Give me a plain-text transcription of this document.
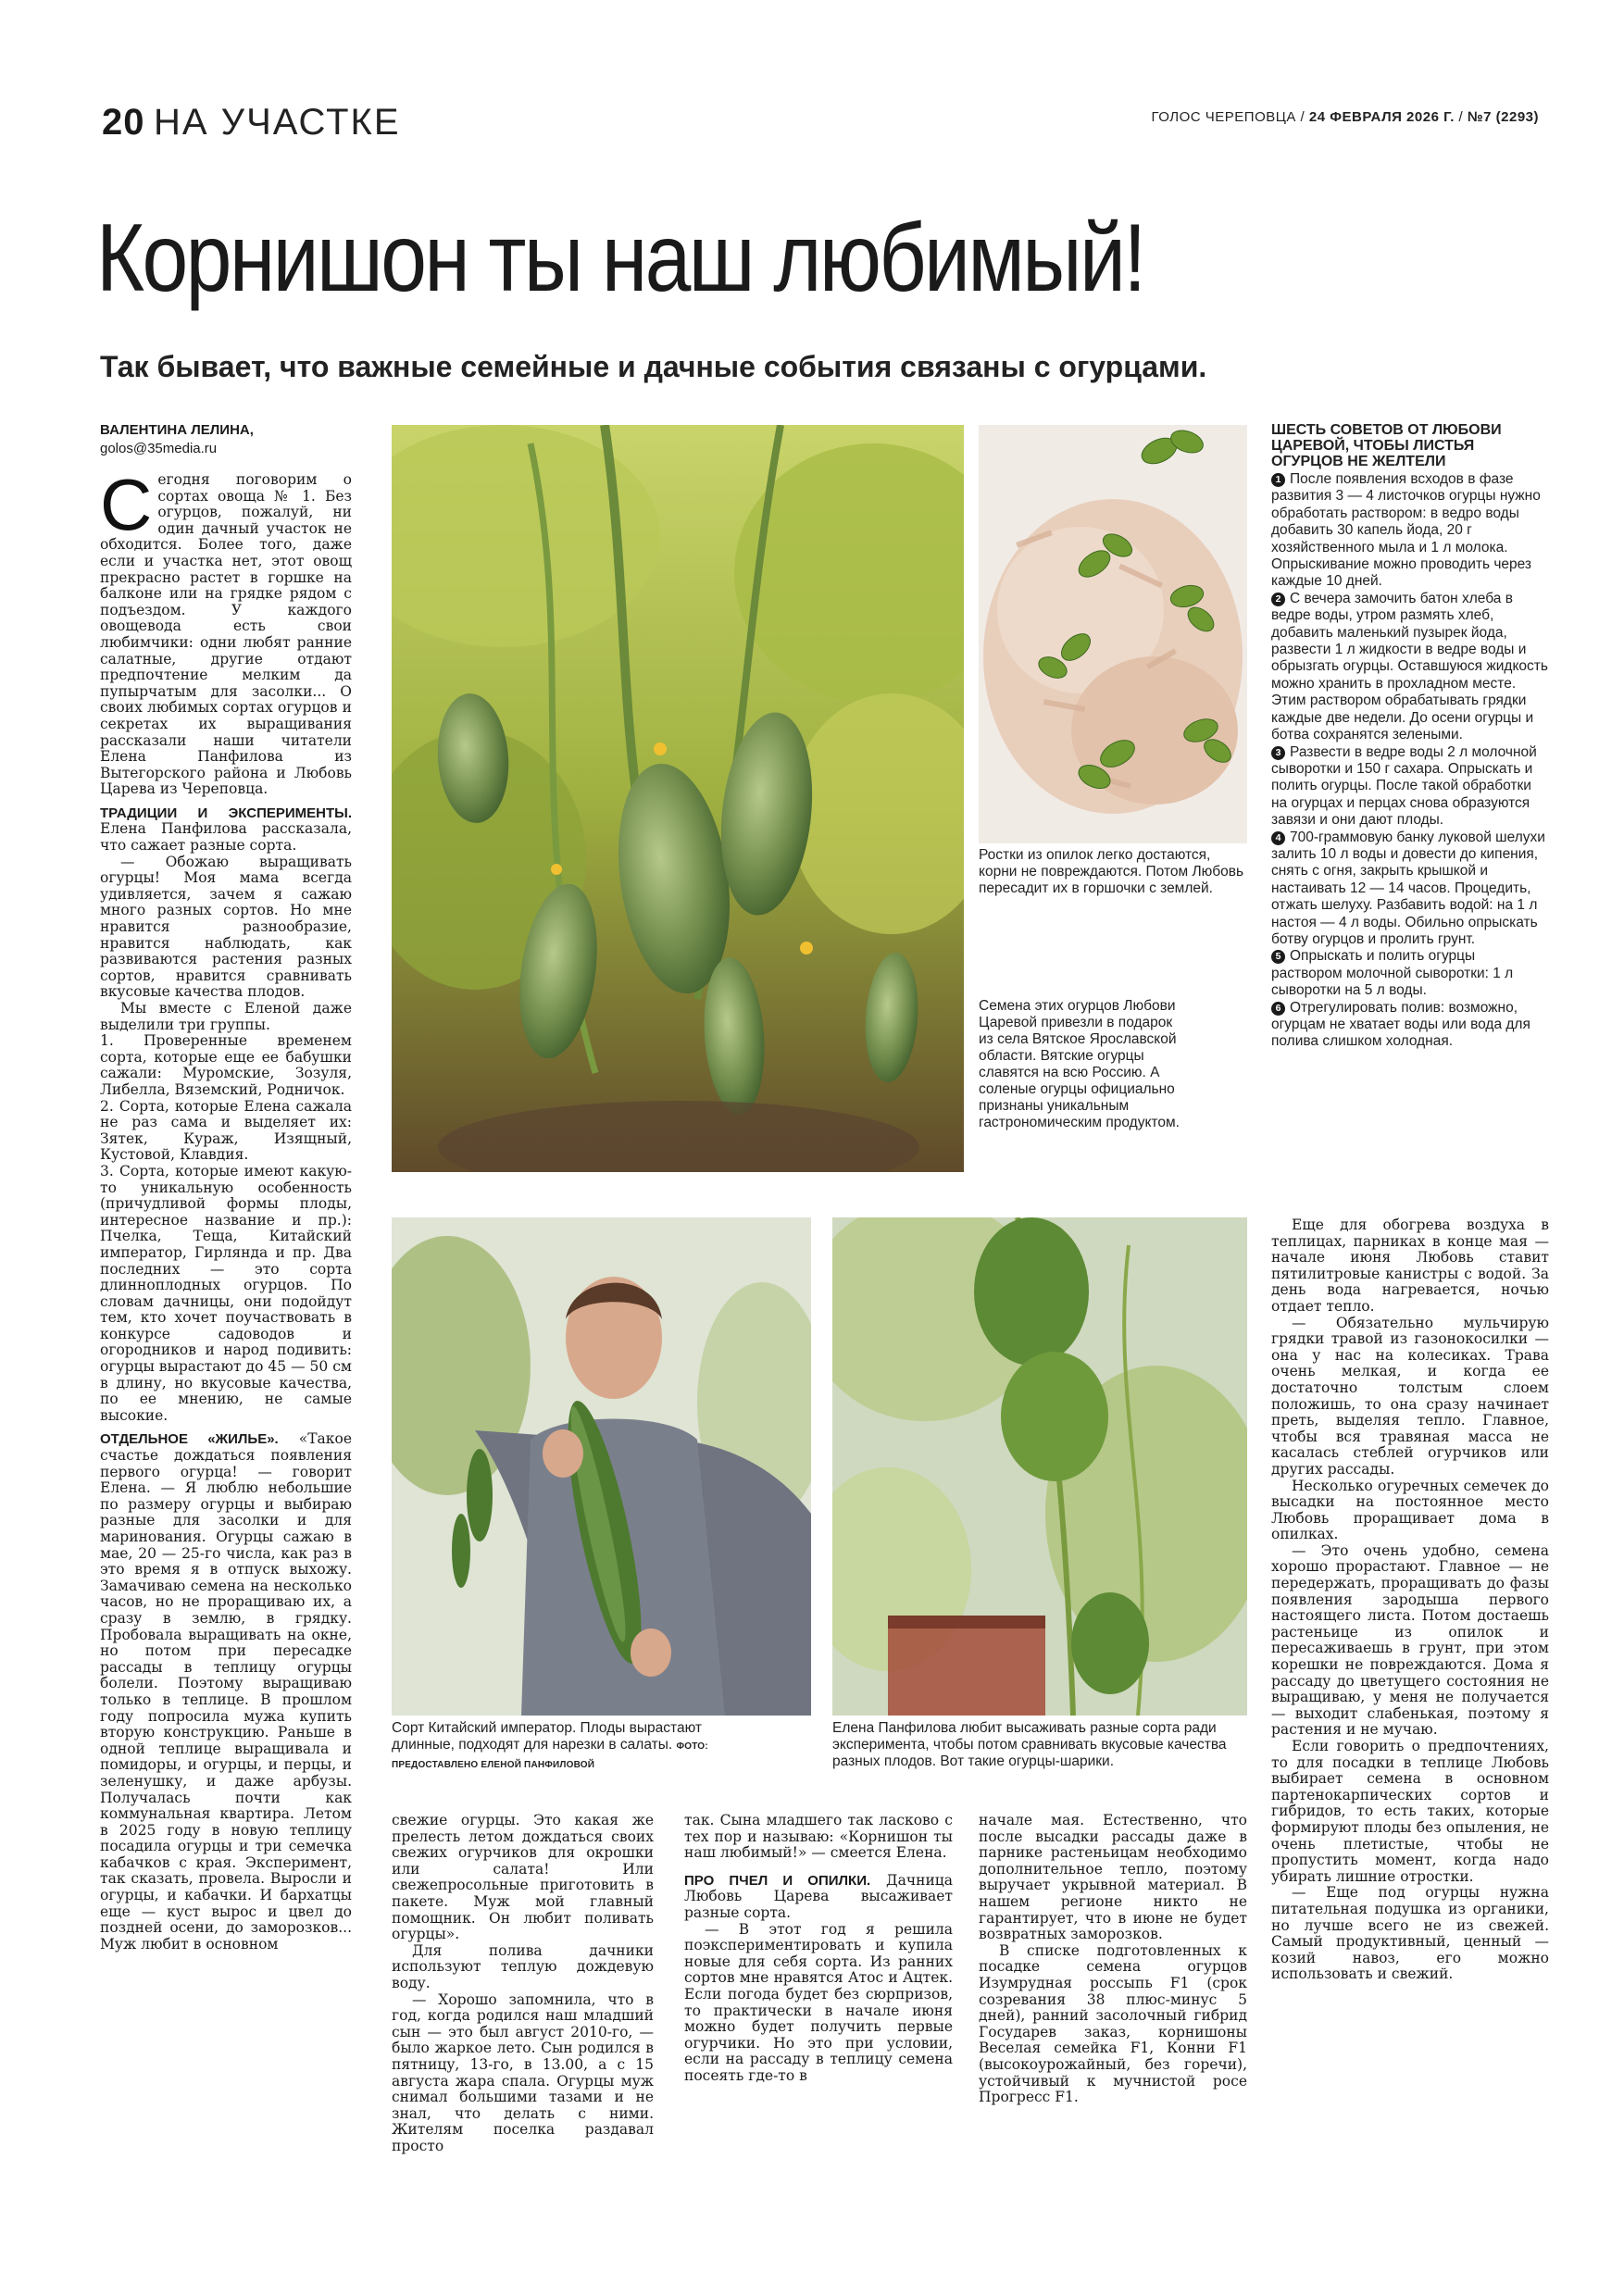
20 НА УЧАСТКЕ	ГОЛОС ЧЕРЕПОВЦА / 24 ФЕВРАЛЯ 2026 Г. / №7 (2293)
Корнишон ты наш любимый!
Так бывает, что важные семейные и дачные события связаны с огурцами.
ВАЛЕНТИНА ЛЕЛИНА,
golos@35media.ru

Сегодня поговорим о сортах овоща № 1. Без огурцов, пожалуй, ни один дачный участок не обходится. Более того, даже если и участка нет, этот овощ прекрасно растет в горшке на балконе или на грядке рядом с подъездом. У каждого овощевода есть свои любимчики: одни любят ранние салатные, другие отдают предпочтение мелким да пупырчатым для засолки... О своих любимых сортах огурцов и секретах их выращивания рассказали наши читатели Елена Панфилова из Вытегорского района и Любовь Царева из Череповца.

ТРАДИЦИИ И ЭКСПЕРИМЕНТЫ. Елена Панфилова рассказала, что сажает разные сорта.

— Обожаю выращивать огурцы! Моя мама всегда удивляется, зачем я сажаю много разных сортов. Но мне нравится разнообразие, нравится наблюдать, как развиваются растения разных сортов, нравится сравнивать вкусовые качества плодов.

Мы вместе с Еленой даже выделили три группы.

1. Проверенные временем сорта, которые еще ее бабушки сажали: Муромские, Зозуля, Либелла, Вяземский, Родничок.

2. Сорта, которые Елена сажала не раз сама и выделяет их: Зятек, Кураж, Изящный, Кустовой, Клавдия.

3. Сорта, которые имеют какую-то уникальную особенность (причудливой формы плоды, интересное название и пр.): Пчелка, Теща, Китайский император, Гирлянда и пр. Два последних — это сорта длинноплодных огурцов. По словам дачницы, они подойдут тем, кто хочет поучаствовать в конкурсе садоводов и огородников и народ подивить: огурцы вырастают до 45 — 50 см в длину, но вкусовые качества, по ее мнению, не самые высокие.

ОТДЕЛЬНОЕ «ЖИЛЬЕ». «Такое счастье дождаться появления первого огурца! — говорит Елена. — Я люблю небольшие по размеру огурцы и выбираю разные для засолки и для маринования. Огурцы сажаю в мае, 20 — 25-го числа, как раз в это время я в отпуск выхожу. Замачиваю семена на несколько часов, но не проращиваю их, а сразу в землю, в грядку. Пробовала выращивать на окне, но потом при пересадке рассады в теплицу огурцы болели. Поэтому выращиваю только в теплице. В прошлом году попросила мужа купить вторую конструкцию. Раньше в одной теплице выращивала и помидоры, и огурцы, и перцы, и зеленушку, и даже арбузы. Получалась почти как коммунальная квартира. Летом в 2025 году в новую теплицу посадила огурцы и три семечка кабачков с края. Эксперимент, так сказать, провела. Выросли и огурцы, и кабачки. И бархатцы еще — куст вырос и цвел до поздней осени, до заморозков... Муж любит в основном

Ростки из опилок легко достаются, корни не повреждаются. Потом Любовь пересадит их в горшочки с землей.
Семена этих огурцов Любови Царевой привезли в подарок из села Вятское Ярославской области. Вятские огурцы славятся на всю Россию. А соленые огурцы официально признаны уникальным гастрономическим продуктом.
ШЕСТЬ СОВЕТОВ ОТ ЛЮБОВИ ЦАРЕВОЙ, ЧТОБЫ ЛИСТЬЯ ОГУРЦОВ НЕ ЖЕЛТЕЛИ

1 После появления всходов в фазе развития 3 — 4 листочков огурцы нужно обработать раствором: в ведро воды добавить 30 капель йода, 20 г хозяйственного мыла и 1 л молока. Опрыскивание можно проводить через каждые 10 дней.

2 С вечера замочить батон хлеба в ведре воды, утром размять хлеб, добавить маленький пузырек йода, развести 1 л жидкости в ведре воды и обрызгать огурцы. Оставшуюся жидкость можно хранить в прохладном месте. Этим раствором обрабатывать грядки каждые две недели. До осени огурцы и ботва сохранятся зелеными.

3 Развести в ведре воды 2 л молочной сыворотки и 150 г сахара. Опрыскать и полить огурцы. После такой обработки на огурцах и перцах снова образуются завязи и они дают плоды.

4 700-граммовую банку луковой шелухи залить 10 л воды и довести до кипения, снять с огня, закрыть крышкой и настаивать 12 — 14 часов. Процедить, отжать шелуху. Разбавить водой: на 1 л настоя — 4 л воды. Обильно опрыскать ботву огурцов и пролить грунт.

5 Опрыскать и полить огурцы раствором молочной сыворотки: 1 л сыворотки на 5 л воды.

6 Отрегулировать полив: возможно, огурцам не хватает воды или вода для полива слишком холодная.

Сорт Китайский император. Плоды вырастают длинные, подходят для нарезки в салаты. ФОТО: ПРЕДОСТАВЛЕНО ЕЛЕНОЙ ПАНФИЛОВОЙ
Елена Панфилова любит высаживать разные сорта ради эксперимента, чтобы потом сравнивать вкусовые качества разных плодов. Вот такие огурцы-шарики.

свежие огурцы. Это какая же прелесть летом дождаться своих свежих огурчиков для окрошки или салата! Или свежепросольные приготовить в пакете. Муж мой главный помощник. Он любит поливать огурцы».

Для полива дачники используют теплую дождевую воду.

— Хорошо запомнила, что в год, когда родился наш младший сын — это был август 2010-го, — было жаркое лето. Сын родился в пятницу, 13-го, в 13.00, а с 15 августа жара спала. Огурцы муж снимал большими тазами и не знал, что делать с ними. Жителям поселка раздавал просто

так. Сына младшего так ласково с тех пор и называю: «Корнишон ты наш любимый!» — смеется Елена.

ПРО ПЧЕЛ И ОПИЛКИ. Дачница Любовь Царева высаживает разные сорта.

— В этот год я решила поэкспериментировать и купила новые для себя сорта. Из ранних сортов мне нравятся Атос и Ацтек. Если погода будет без сюрпризов, то практически в начале июня можно будет получить первые огурчики. Но это при условии, если на рассаду в теплицу семена посеять где-то в

начале мая. Естественно, что после высадки рассады даже в парнике растеньицам необходимо дополнительное тепло, поэтому выручает укрывной материал. В нашем регионе никто не гарантирует, что в июне не будет возвратных заморозков.

В списке подготовленных к посадке семена огурцов Изумрудная россыпь F1 (срок созревания 38 плюс-минус 5 дней), ранний засолочный гибрид Государев заказ, корнишоны Веселая семейка F1, Конни F1 (высокоурожайный, без горечи), устойчивый к мучнистой росе Прогресс F1.

Еще для обогрева воздуха в теплицах, парниках в конце мая — начале июня Любовь ставит пятилитровые канистры с водой. За день вода нагревается, ночью отдает тепло.

— Обязательно мульчирую грядки травой из газонокосилки — она у нас на колесиках. Трава очень мелкая, и когда ее достаточно толстым слоем положишь, то она сразу начинает преть, выделяя тепло. Главное, чтобы вся травяная масса не касалась стеблей огурчиков или других рассады.

Несколько огуречных семечек до высадки на постоянное место Любовь проращивает дома в опилках.

— Это очень удобно, семена хорошо прорастают. Главное — не передержать, проращивать до фазы появления зародыша первого настоящего листа. Потом достаешь растеньице из опилок и пересаживаешь в грунт, при этом корешки не повреждаются. Дома я рассаду до цветущего состояния не выращиваю, у меня не получается — выходит слабенькая, поэтому я растения и не мучаю.

Если говорить о предпочтениях, то для посадки в теплице Любовь выбирает семена в основном партенокарпических сортов и гибридов, то есть таких, которые формируют плоды без опыления, не очень плетистые, чтобы не пропустить момент, когда надо убирать лишние отростки.

— Еще под огурцы нужна питательная подушка из органики, но лучше всего не из свежей. Самый продуктивный, ценный — козий навоз, его можно использовать и свежий.
